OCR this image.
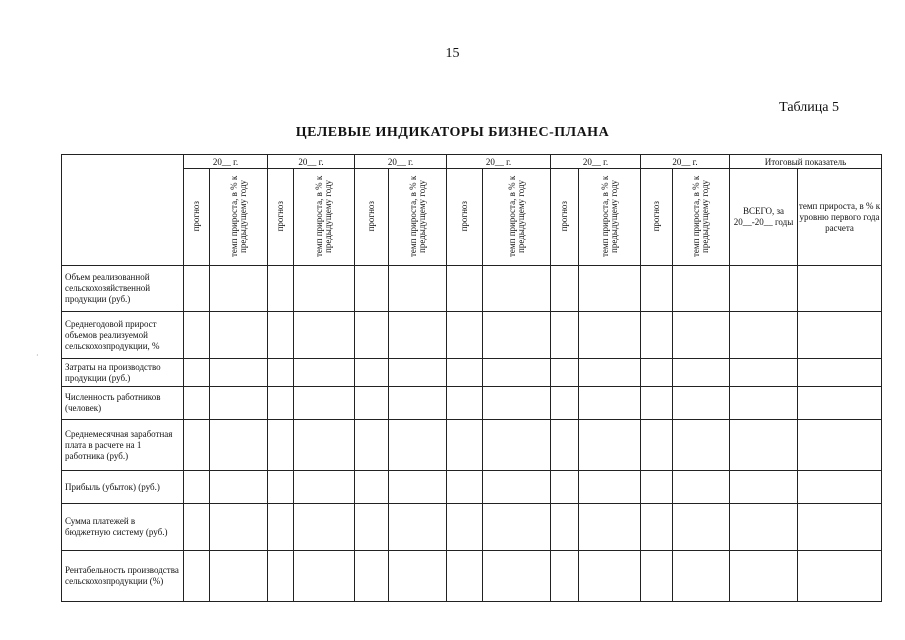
15
Таблица 5
ЦЕЛЕВЫЕ ИНДИКАТОРЫ БИЗНЕС-ПЛАНА
·
	20__ г.		20__ г.		20__ г.		20__ г.		20__ г.		20__ г.		Итоговый показатель	
	прогноз	темп прироста, в % к предыдущему году	прогноз	темп прироста, в % к предыдущему году	прогноз	темп прироста, в % к предыдущему году	прогноз	темп прироста, в % к предыдущему году	прогноз	темп прироста, в % к предыдущему году	прогноз	темп прироста, в % к предыдущему году	ВСЕГО, за 20__-20__ годы	темп прироста, в % к уровню первого года расчета
Объем реализованной сельскохозяйственной продукции (руб.)														
Среднегодовой прирост объемов реализуемой сельскохозпродукции, %														
Затраты на производство продукции (руб.)														
Численность работников (человек)														
Среднемесячная заработная плата в расчете на 1 работника (руб.)														
Прибыль (убыток) (руб.)														
Сумма платежей в бюджетную систему (руб.)														
Рентабельность производства сельскохозпродукции (%)														
